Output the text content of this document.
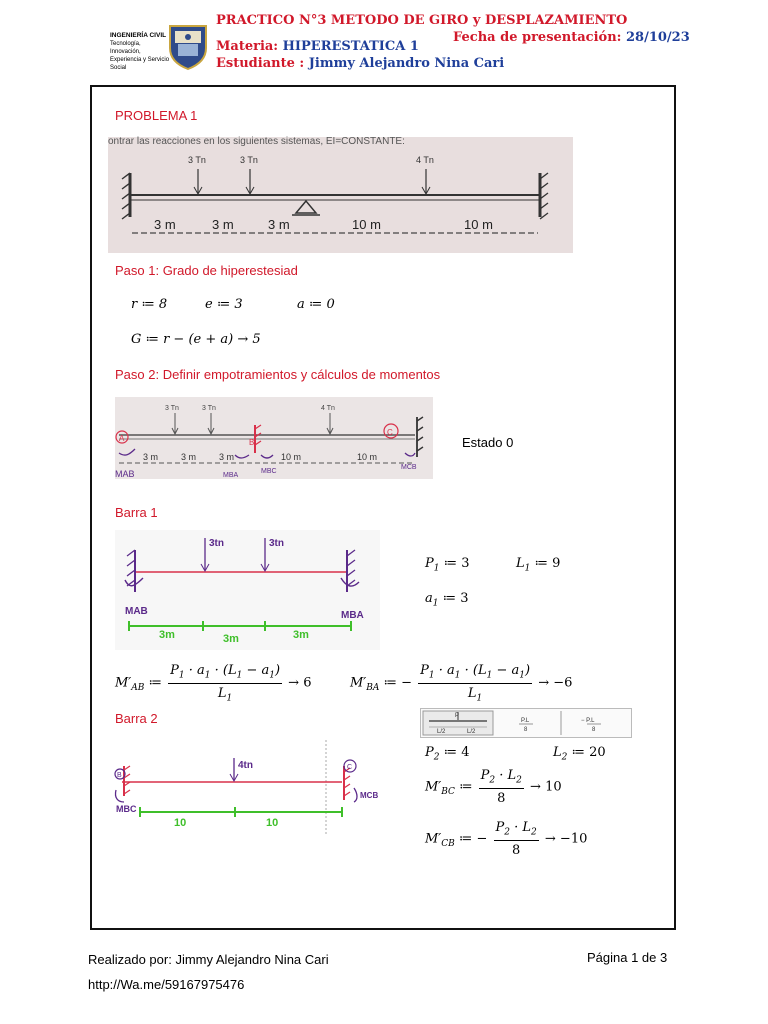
INGENIERÍA CIVIL
Tecnología, Innovación,
Experiencia y Servicio Social
PRACTICO N°3 METODO DE GIRO y DESPLAZAMIENTO
Materia: HIPERESTATICA 1
Fecha de presentación: 28/10/23
Estudiante : Jimmy Alejandro Nina Cari
PROBLEMA 1
ontrar las reacciones en los siguientes sistemas, EI=CONSTANTE:
3 Tn	3 Tn	4 Tn
3 m	3 m	3 m	10 m	10 m
Paso 1: Grado de hiperestesiad
r ≔ 8	e ≔ 3	a ≔ 0
G ≔ r − (e + a) → 5
Paso 2: Definir empotramientos y cálculos de momentos
3 Tn	3 Tn	4 Tn
A	B
C
3 m	3 m	3 m	10 m	10 m
MAB	MBA
MBC
MCB
Estado 0
Barra 1
3tn	3tn
MAB	MBA
3m	3m	3m
$P_1$ ≔ 3	$L_1$ ≔ 9
$a_1$ ≔ 3
$M'_{AB}$ ≔ $\frac{P_1 \cdot a_1 \cdot (L_1 - a_1)}{L_1} \to 6$	$M'_{BA}$ ≔ − $\frac{P_1 \cdot a_1 \cdot (L_1 - a_1)}{L_1} \to -6$
Barra 2	P
L/2	L/2
P.L
8
− P.L
8
4tn
B
C
MBC
MCB
10	10
$P_2$ ≔ 4	$L_2$ ≔ 20
$M'_{BC}$ ≔ $\frac{P_2 \cdot L_2}{8} \to 10$
$M'_{CB}$ ≔ − $\frac{P_2 \cdot L_2}{8} \to -10$
Realizado por: Jimmy Alejandro Nina Cari	Página 1 de 3
http://Wa.me/59167975476
